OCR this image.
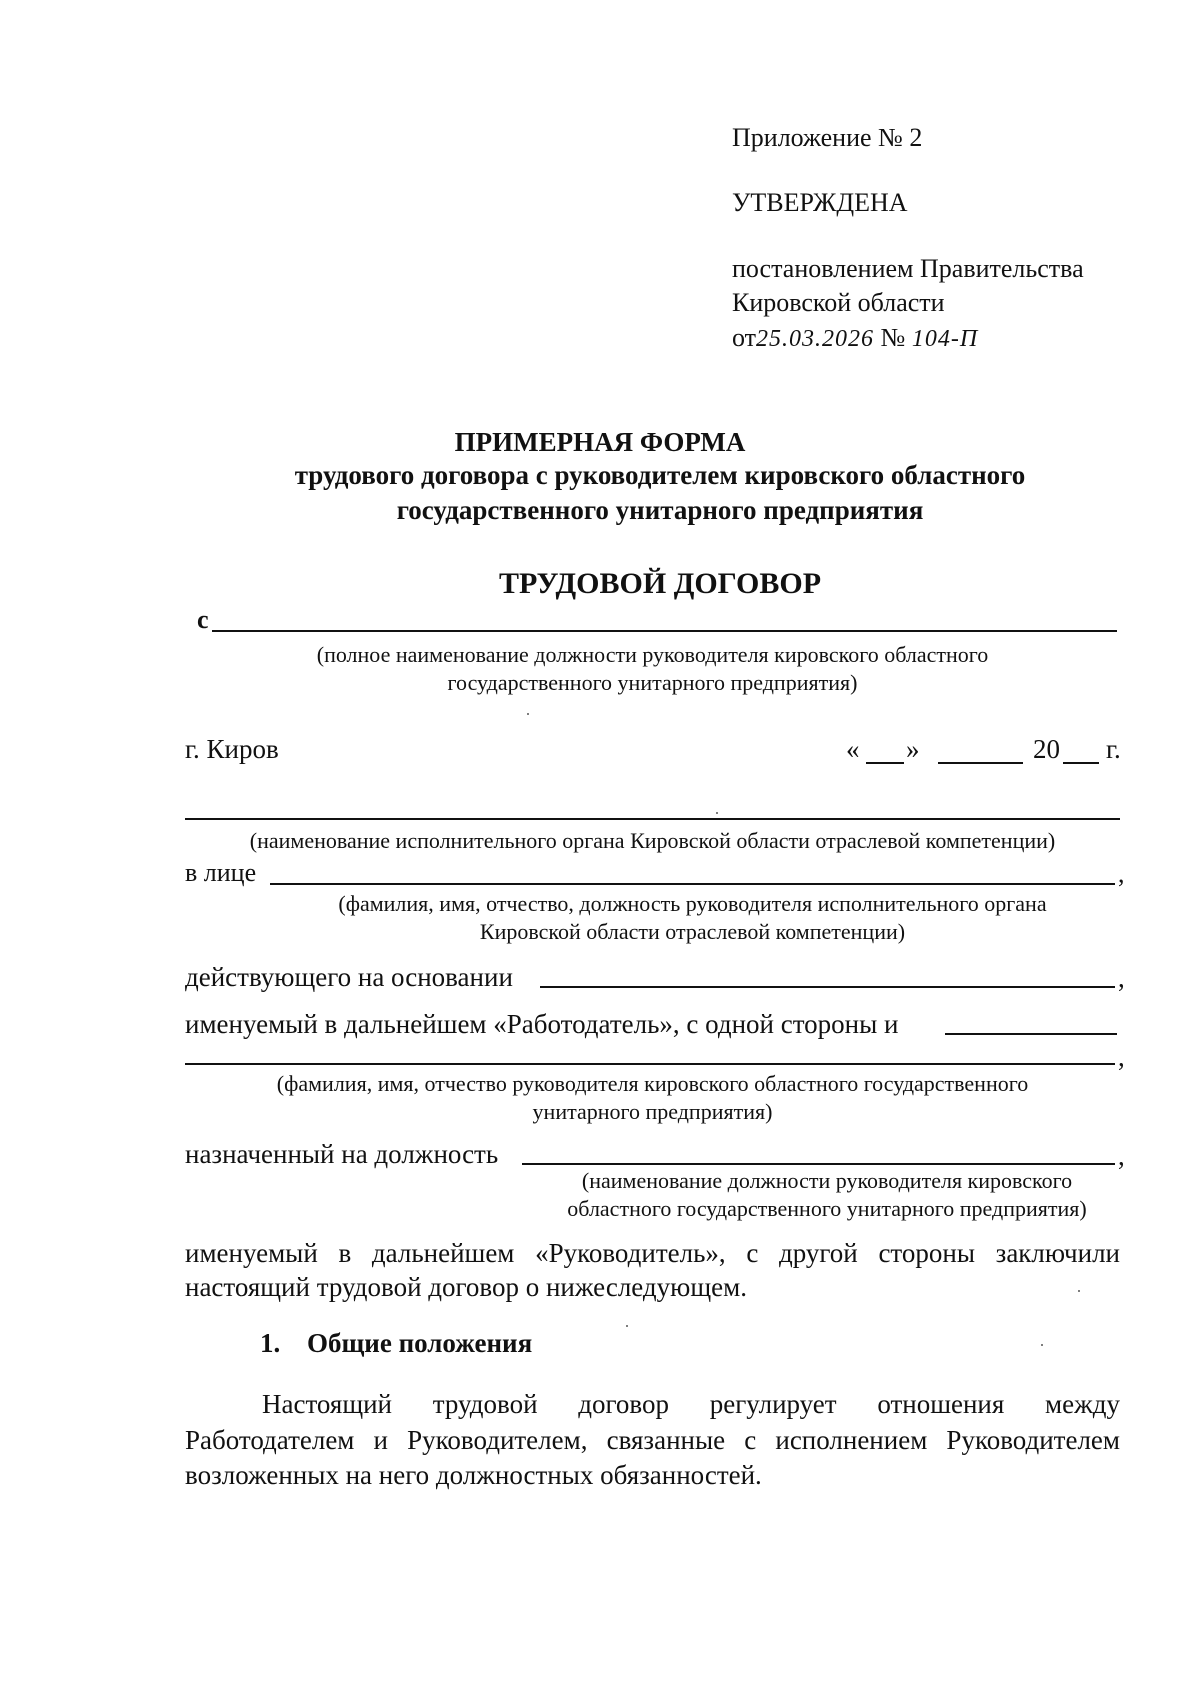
Приложение № 2
УТВЕРЖДЕНА
постановлением Правительства
Кировской области
от25.03.2026 № 104-П
ПРИМЕРНАЯ ФОРМА
трудового договора с руководителем кировского областного
государственного унитарного предприятия
ТРУДОВОЙ ДОГОВОР
с
(полное наименование должности руководителя кировского областного
государственного унитарного предприятия)
г. Киров	« »	20 г.
(наименование исполнительного органа Кировской области отраслевой компетенции)
в лице	,
(фамилия, имя, отчество, должность руководителя исполнительного органа
Кировской области отраслевой компетенции)
действующего на основании	,
именуемый в дальнейшем «Работодатель», с одной стороны и
,
(фамилия, имя, отчество руководителя кировского областного государственного
унитарного предприятия)
назначенный на должность	,
(наименование должности руководителя кировского
областного государственного унитарного предприятия)
именуемый в дальнейшем «Руководитель», с другой стороны заключили
настоящий трудовой договор о нижеследующем.
1. Общие положения
Настоящий трудовой договор регулирует отношения между
Работодателем и Руководителем, связанные с исполнением Руководителем
возложенных на него должностных обязанностей.
